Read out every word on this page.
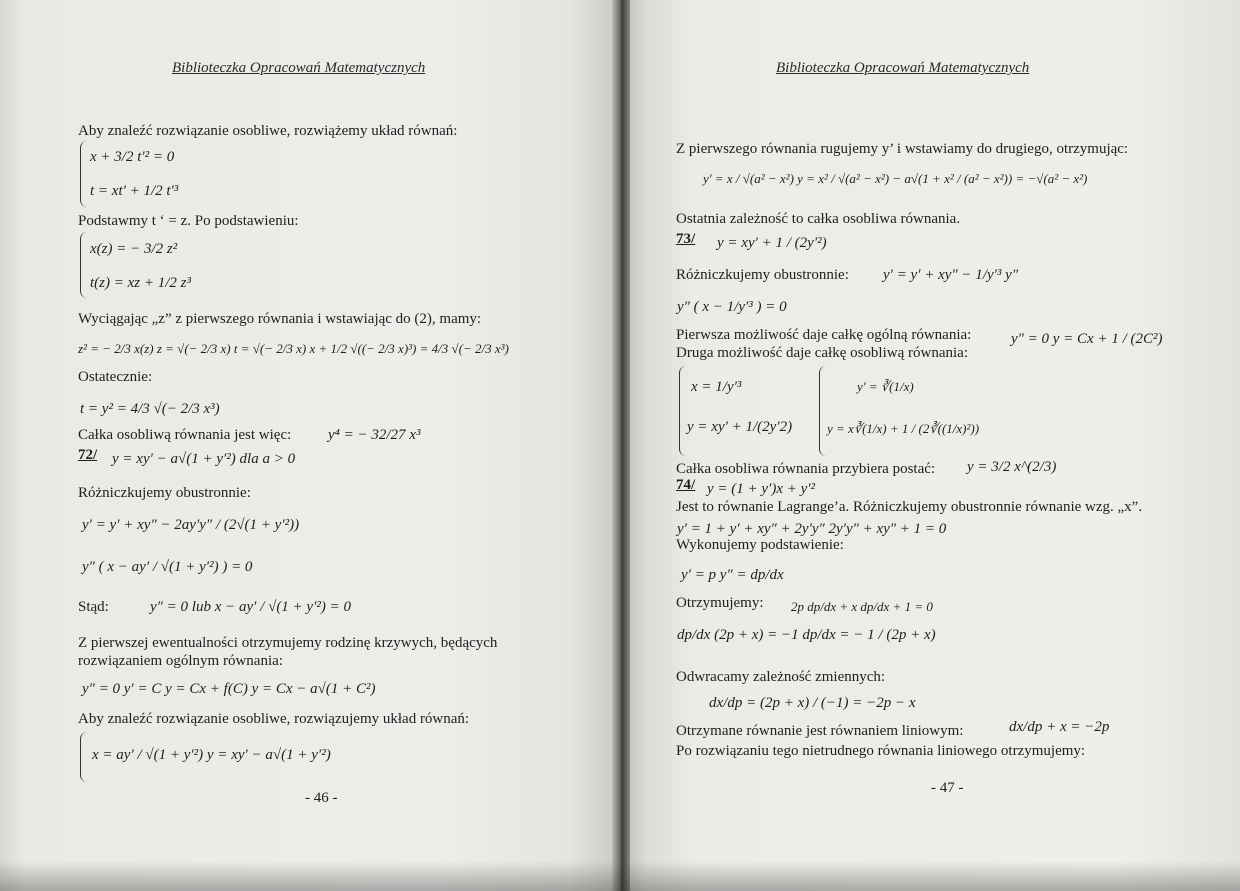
Biblioteczka Opracowań Matematycznych
Aby znaleźć rozwiązanie osobliwe, rozwiążemy układ równań:
x + 3/2 t'² = 0
t = xt' + 1/2 t'³
Podstawmy t ‘ = z. Po podstawieniu:
x(z) = − 3/2 z²
t(z) = xz + 1/2 z³
Wyciągając „z” z pierwszego równania i wstawiając do (2), mamy:
z² = − 2/3 x(z) z = √(− 2/3 x) t = √(− 2/3 x) x + 1/2 √((− 2/3 x)³) = 4/3 √(− 2/3 x³)
Ostatecznie:
t = y² = 4/3 √(− 2/3 x³)
Całka osobliwą równania jest więc: y⁴ = − 32/27 x³
72/ y = xy′ − a√(1 + y′²) dla a > 0
Różniczkujemy obustronnie:
y′ = y′ + xy″ − 2ay′y″ / (2√(1 + y′²))
y″ ( x − ay′ / √(1 + y′²) ) = 0
Stąd:	y″ = 0 lub x − ay′ / √(1 + y′²) = 0
Z pierwszej ewentualności otrzymujemy rodzinę krzywych, będących
rozwiązaniem ogólnym równania:
y″ = 0 y′ = C y = Cx + f(C) y = Cx − a√(1 + C²)
Aby znaleźć rozwiązanie osobliwe, rozwiązujemy układ równań:
x = ay′ / √(1 + y′²) y = xy′ − a√(1 + y′²)
- 46 -
Biblioteczka Opracowań Matematycznych
Z pierwszego równania rugujemy y’ i wstawiamy do drugiego, otrzymując:
y′ = x / √(a² − x²) y = x² / √(a² − x²) − a√(1 + x² / (a² − x²)) = −√(a² − x²)
Ostatnia zależność to całka osobliwa równania.
73/ y = xy′ + 1 / (2y′²)
Różniczkujemy obustronnie: y′ = y′ + xy″ − 1/y′³ y″
y″ ( x − 1/y′³ ) = 0
Pierwsza możliwość daje całkę ogólną równania:	y″ = 0 y = Cx + 1 / (2C²)
Druga możliwość daje całkę osobliwą równania:
x = 1/y′³
y = xy′ + 1/(2y′2)
y′ = ∛(1/x)
y = x∛(1/x) + 1 / (2∛((1/x)²))
Całka osobliwa równania przybiera postać: y = 3/2 x^(2/3)
74/ y = (1 + y′)x + y′²
Jest to równanie Lagrange’a. Różniczkujemy obustronnie równanie wzg. „x”.
y′ = 1 + y′ + xy″ + 2y′y″ 2y′y″ + xy″ + 1 = 0
Wykonujemy podstawienie:
y′ = p y″ = dp/dx
Otrzymujemy: 2p dp/dx + x dp/dx + 1 = 0
dp/dx (2p + x) = −1 dp/dx = − 1 / (2p + x)
Odwracamy zależność zmiennych:
dx/dp = (2p + x) / (−1) = −2p − x
Otrzymane równanie jest równaniem liniowym:	dx/dp + x = −2p
Po rozwiązaniu tego nietrudnego równania liniowego otrzymujemy:
- 47 -
